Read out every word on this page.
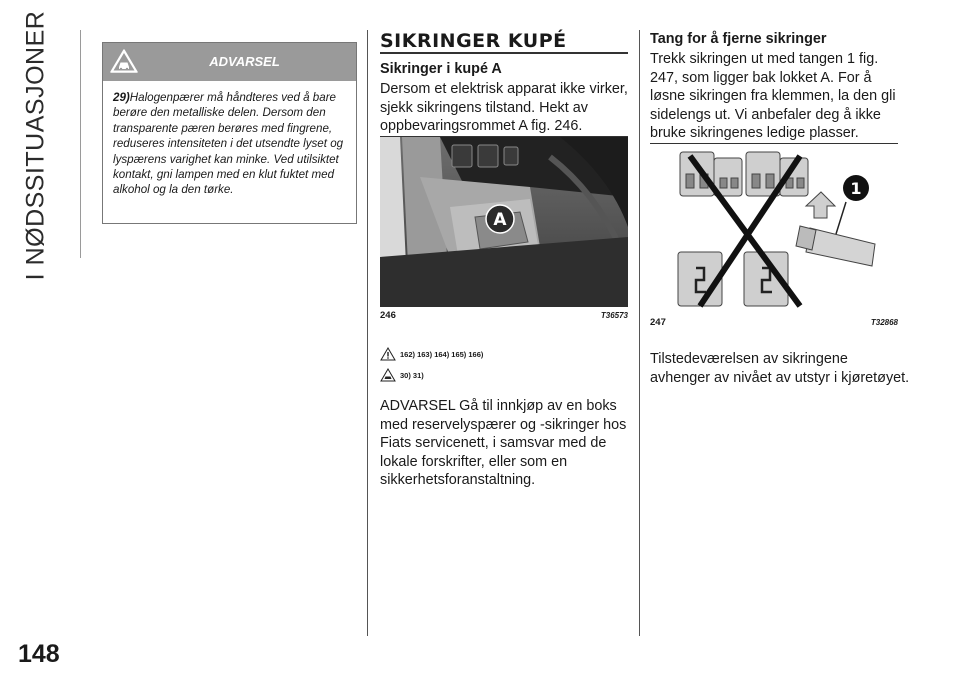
I NØDSSITUASJONER
148
ADVARSEL
29)Halogenpærer må håndteres ved å bare berøre den metalliske delen. Dersom den transparente pæren berøres med fingrene, reduseres intensiteten i det utsendte lyset og lyspærens varighet kan minke. Ved utilsiktet kontakt, gni lampen med en klut fuktet med alkohol og la den tørke.
SIKRINGER KUPÉ
Sikringer i kupé A
Dersom et elektrisk apparat ikke virker, sjekk sikringens tilstand. Hekt av oppbevaringsrommet A fig. 246.
A
246	T36573
162) 163) 164) 165) 166)
30) 31)
ADVARSEL Gå til innkjøp av en boks med reservelyspærer og -sikringer hos Fiats servicenett, i samsvar med de lokale forskrifter, eller som en sikkerhetsforanstaltning.
Tang for å fjerne sikringer
Trekk sikringen ut med tangen 1 fig. 247, som ligger bak lokket A. For å løsne sikringen fra klemmen, la den gli sidelengs ut. Vi anbefaler deg å ikke bruke sikringenes ledige plasser.
1
247	T32868
Tilstedeværelsen av sikringene avhenger av nivået av utstyr i kjøretøyet.
